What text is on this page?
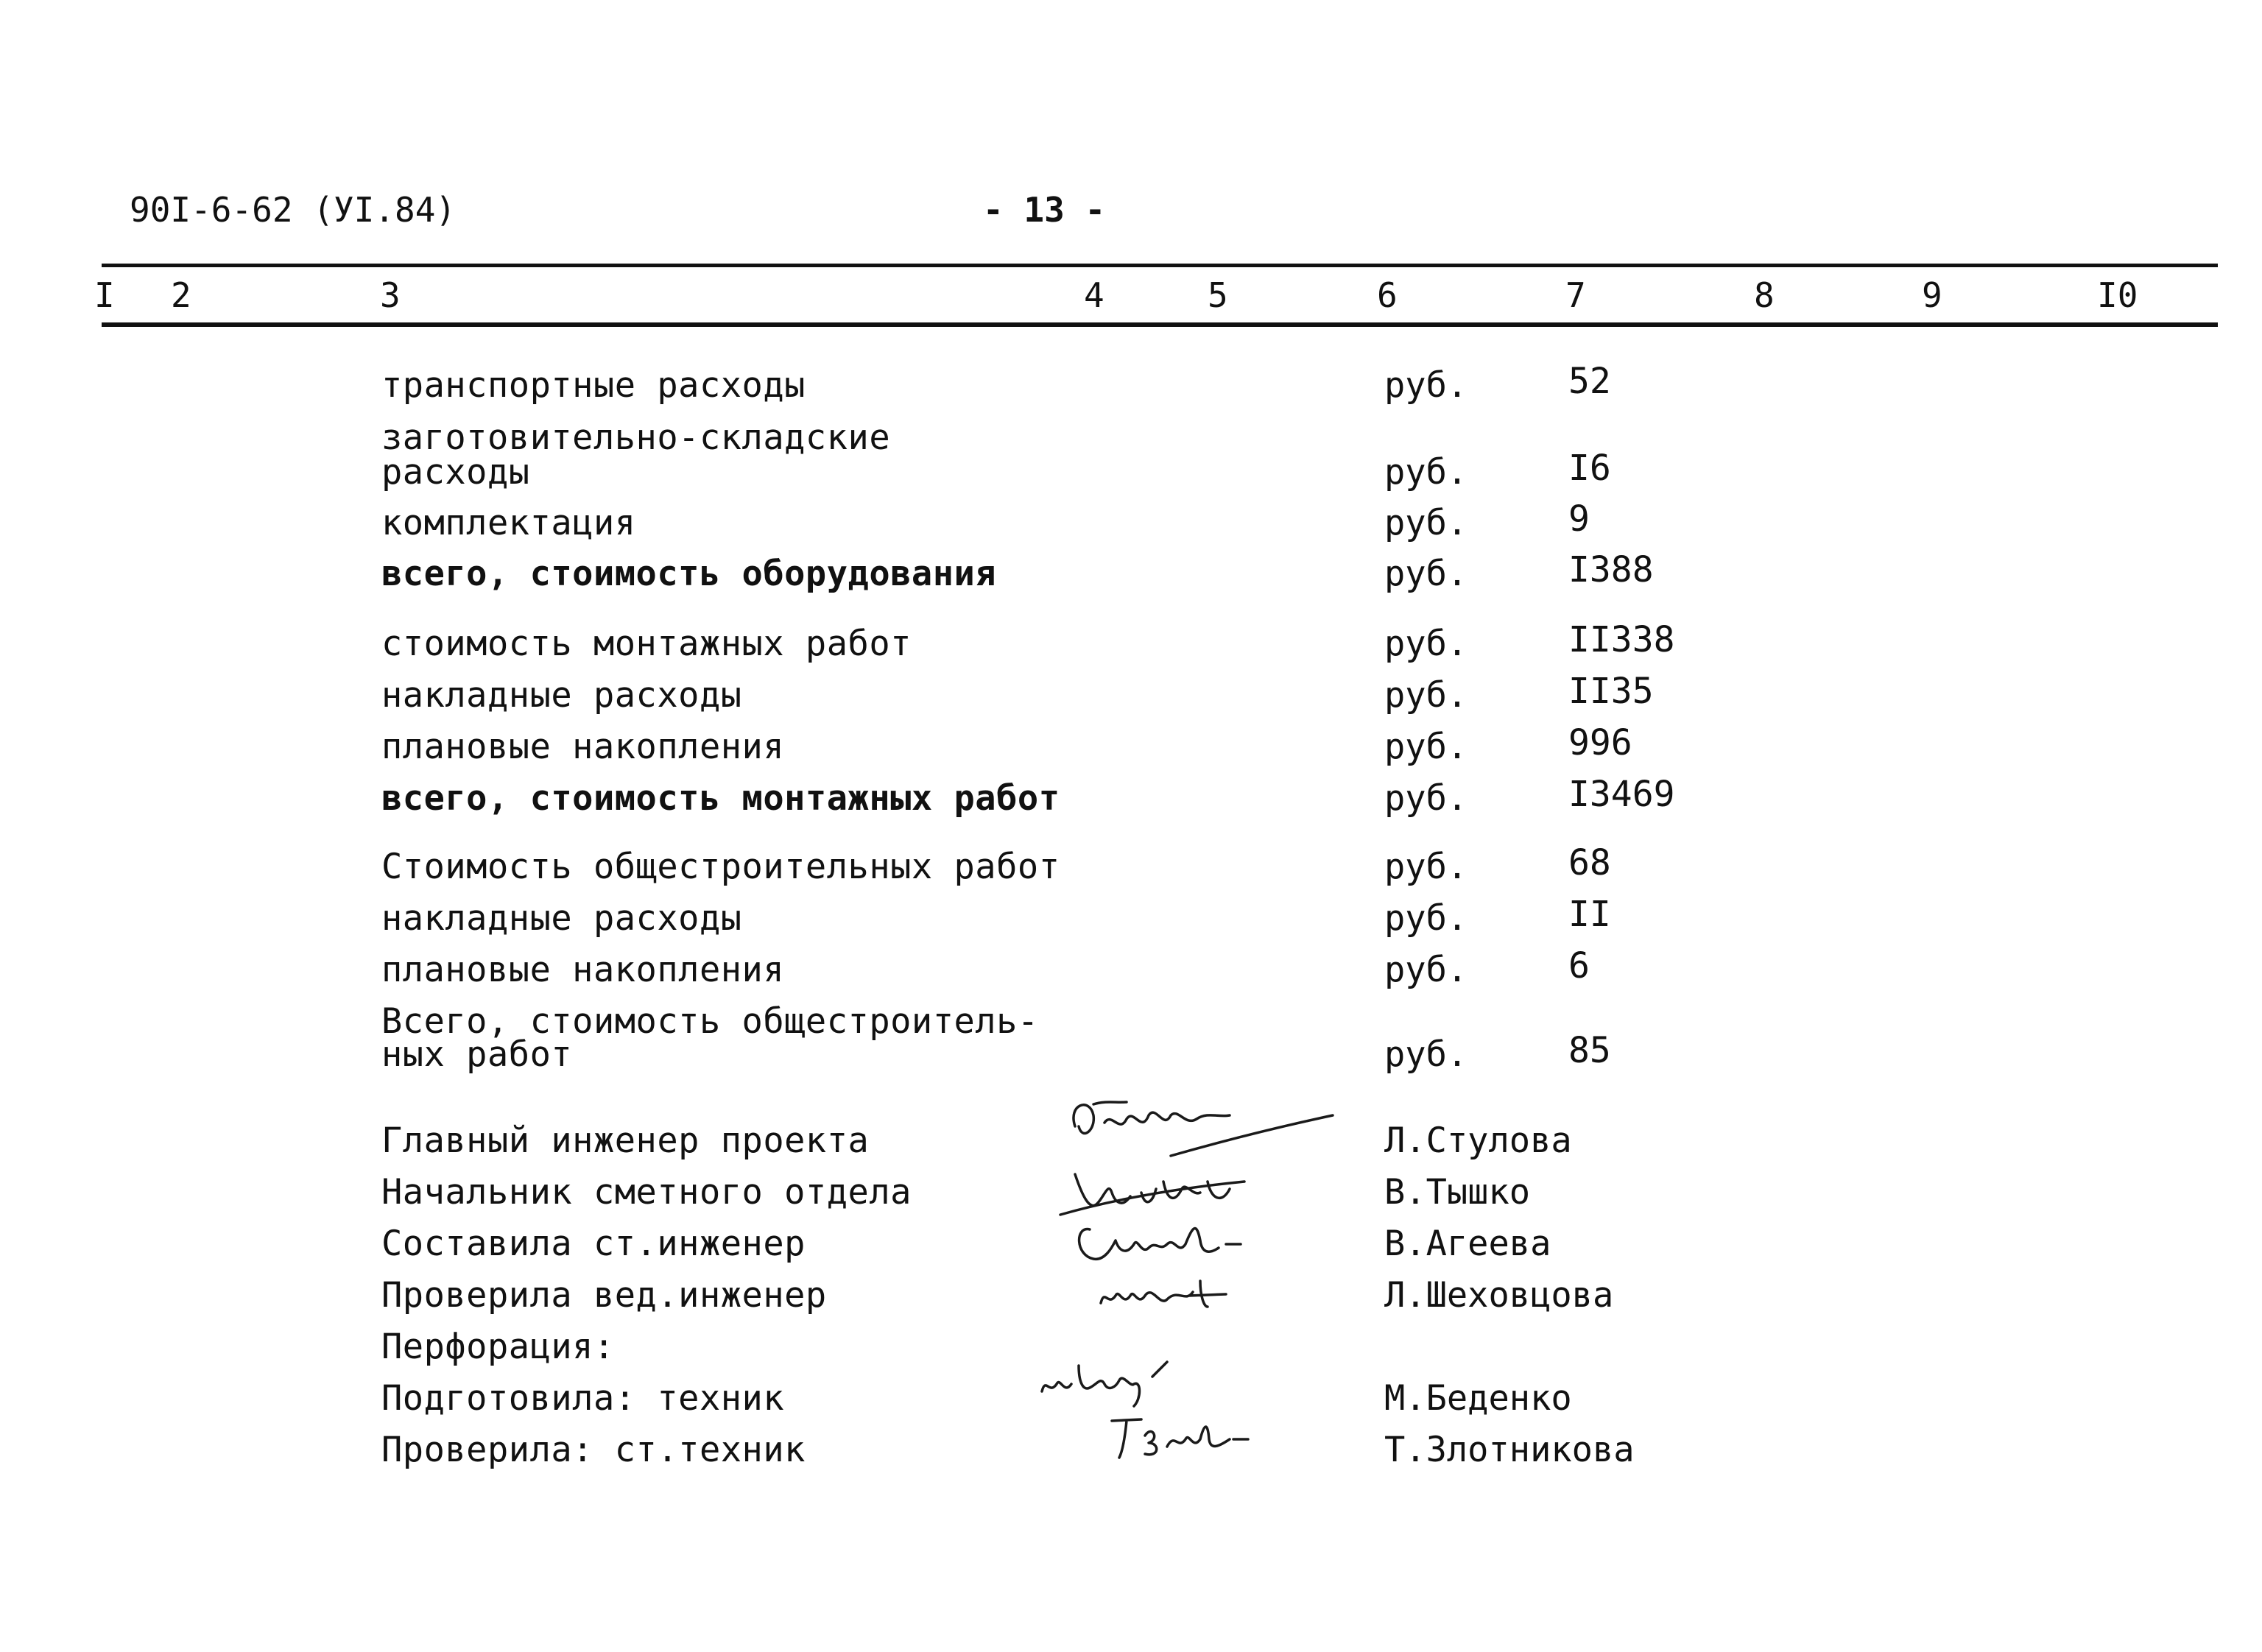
90I-6-62 (УI.84)	- 13 -
I 2	3	4	5	6	7	8	9	I0
транспортные расходы	руб.	52
заготовительно-складские
расходы	руб.	I6
комплектация	руб.	9
всего, стоимость оборудования	руб.	I388
стоимость монтажных работ	руб.	II338
накладные расходы	руб.	II35
плановые накопления	руб.	996
всего, стоимость монтажных работ	руб.	I3469
Стоимость общестроительных работ	руб.	68
накладные расходы	руб.	II
плановые накопления	руб.	6
Всего, стоимость общестроитель-
ных работ	руб.	85
Главный инженер проекта	Л.Стулова
Начальник сметного отдела	В.Тышко
Составила ст.инженер	В.Агеева
Проверила вед.инженер	Л.Шеховцова
Перфорация:
Подготовила: техник	М.Беденко
Проверила: ст.техник	Т.Злотникова
